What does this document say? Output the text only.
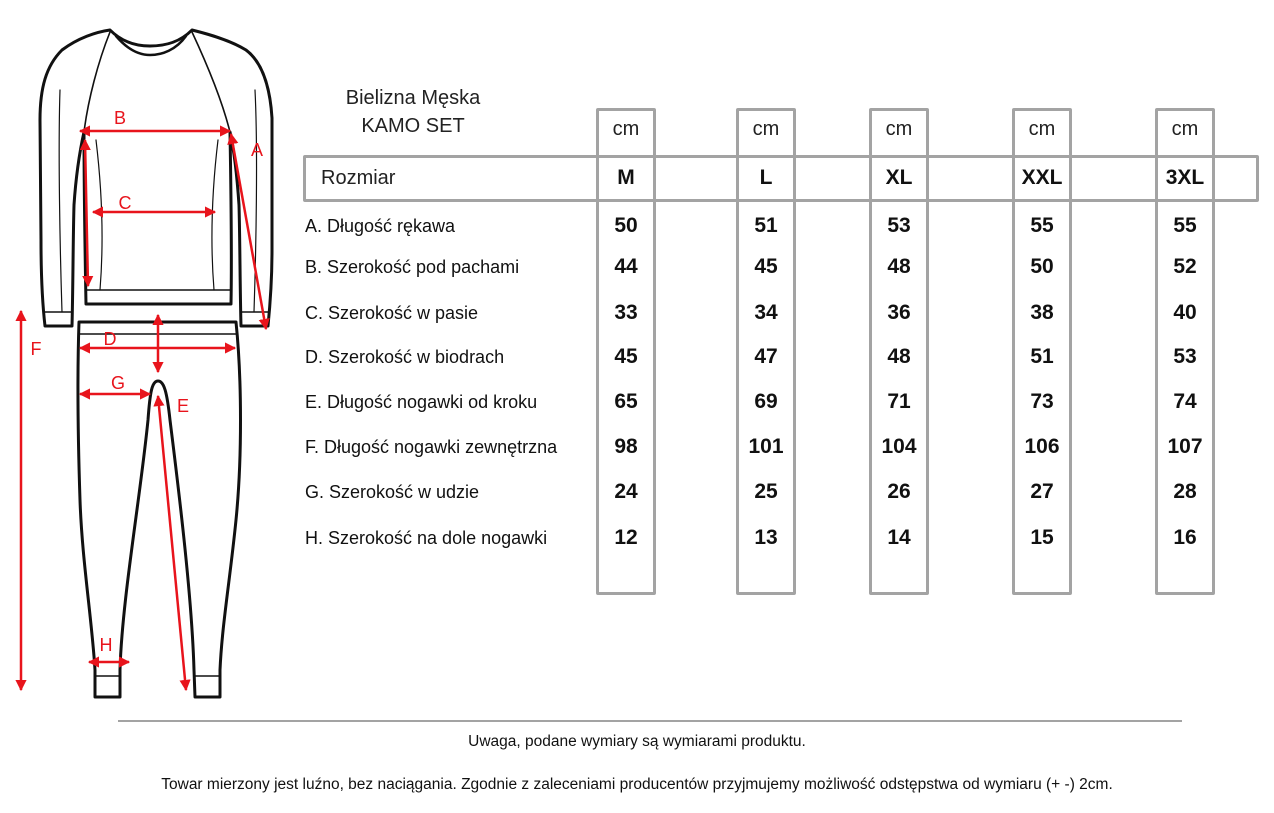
B
A
C
F	D
G
E
H
Bielizna Męska
KAMO SET	cm	cm	cm	cm	cm
Rozmiar	M	L	XL	XXL	3XL
A. Długość rękawa	50	51	53	55	55
B. Szerokość pod pachami	44	45	48	50	52
C. Szerokość w pasie	33	34	36	38	40
D. Szerokość w biodrach	45	47	48	51	53
E. Długość nogawki od kroku	65	69	71	73	74
F. Długość nogawki zewnętrzna	98	101	104	106	107
G. Szerokość w udzie	24	25	26	27	28
H. Szerokość na dole nogawki	12	13	14	15	16
Uwaga, podane wymiary są wymiarami produktu.
Towar mierzony jest luźno, bez naciągania. Zgodnie z zaleceniami producentów przyjmujemy możliwość odstępstwa od wymiaru (+ -) 2cm.
